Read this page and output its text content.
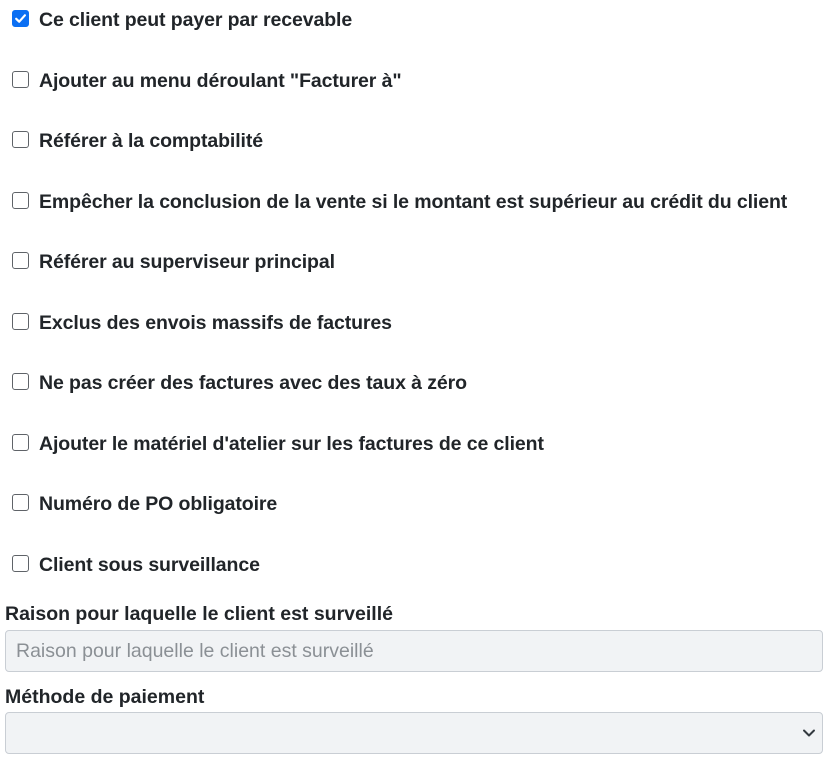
Ce client peut payer par recevable
Ajouter au menu déroulant "Facturer à"
Référer à la comptabilité
Empêcher la conclusion de la vente si le montant est supérieur au crédit du client
Référer au superviseur principal
Exclus des envois massifs de factures
Ne pas créer des factures avec des taux à zéro
Ajouter le matériel d'atelier sur les factures de ce client
Numéro de PO obligatoire
Client sous surveillance
Raison pour laquelle le client est surveillé
Raison pour laquelle le client est surveillé
Méthode de paiement
